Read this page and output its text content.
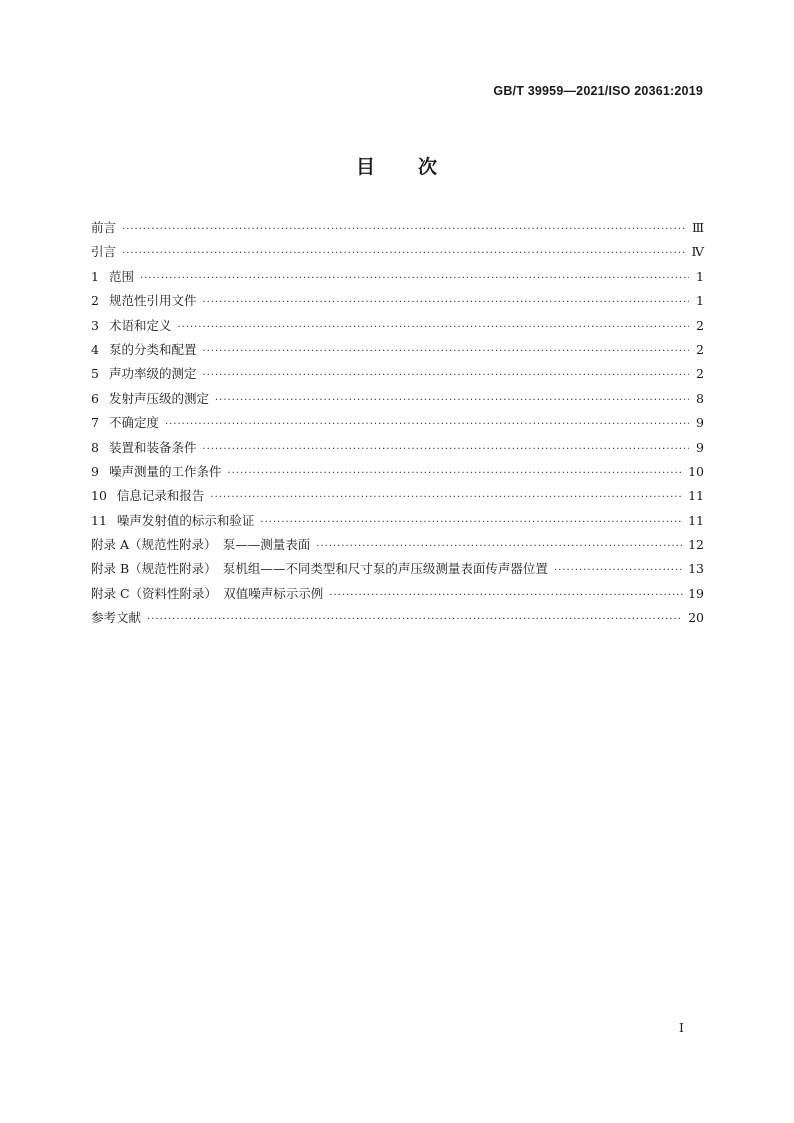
GB/T 39959—2021/ISO 20361:2019
目 次
前言 ·····	Ⅲ
引言 ·····	Ⅳ
1 范围 ·····	1
2 规范性引用文件 ·····	1
3 术语和定义 ·····	2
4 泵的分类和配置 ·····	2
5 声功率级的测定 ·····	2
6 发射声压级的测定 ·····	8
7 不确定度 ·····	9
8 装置和装备条件 ·····	9
9 噪声测量的工作条件 ·····	10
10 信息记录和报告 ·····	11
11 噪声发射值的标示和验证 ·····	11
附录 A（规范性附录）　泵——测量表面 ·····	12
附录 B（规范性附录）　泵机组——不同类型和尺寸泵的声压级测量表面传声器位置 ·····	13
附录 C（资料性附录）　双值噪声标示示例 ·····	19
参考文献 ·····	20
I
